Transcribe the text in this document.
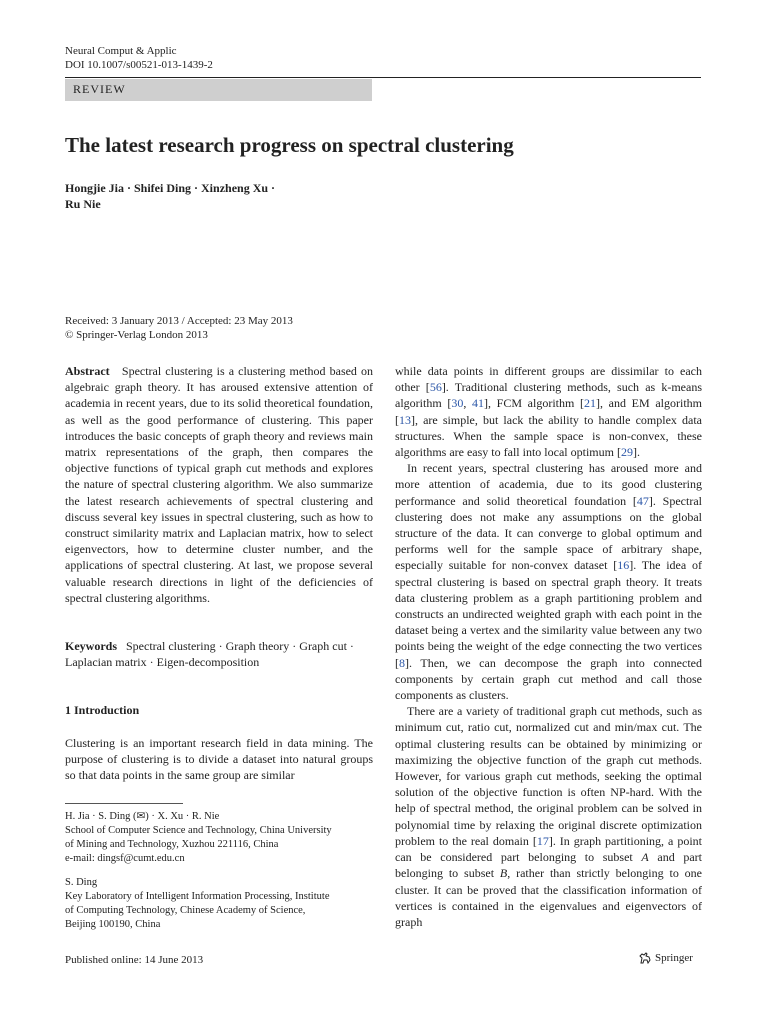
Neural Comput & Applic
DOI 10.1007/s00521-013-1439-2
REVIEW
The latest research progress on spectral clustering
Hongjie Jia · Shifei Ding · Xinzheng Xu ·
Ru Nie
Received: 3 January 2013 / Accepted: 23 May 2013
© Springer-Verlag London 2013

Abstract Spectral clustering is a clustering method based on algebraic graph theory. It has aroused extensive attention of academia in recent years, due to its solid theoretical foundation, as well as the good performance of clustering. This paper introduces the basic concepts of graph theory and reviews main matrix representations of the graph, then compares the objective functions of typical graph cut methods and explores the nature of spectral clustering algorithm. We also summarize the latest research achievements of spectral clustering and discuss several key issues in spectral clustering, such as how to construct similarity matrix and Laplacian matrix, how to select eigenvectors, how to determine cluster number, and the applications of spectral clustering. At last, we propose several valuable research directions in light of the deficiencies of spectral clustering algorithms.

Keywords Spectral clustering · Graph theory · Graph cut · Laplacian matrix · Eigen-decomposition

1 Introduction

Clustering is an important research field in data mining. The purpose of clustering is to divide a dataset into natural groups so that data points in the same group are similar

H. Jia · S. Ding (✉) · X. Xu · R. Nie
School of Computer Science and Technology, China University
of Mining and Technology, Xuzhou 221116, China
e-mail: dingsf@cumt.edu.cn
S. Ding
Key Laboratory of Intelligent Information Processing, Institute
of Computing Technology, Chinese Academy of Science,
Beijing 100190, China

while data points in different groups are dissimilar to each other [56]. Traditional clustering methods, such as k-means algorithm [30, 41], FCM algorithm [21], and EM algorithm [13], are simple, but lack the ability to handle complex data structures. When the sample space is non-convex, these algorithms are easy to fall into local optimum [29].

In recent years, spectral clustering has aroused more and more attention of academia, due to its good clustering performance and solid theoretical foundation [47]. Spectral clustering does not make any assumptions on the global structure of the data. It can converge to global optimum and performs well for the sample space of arbitrary shape, especially suitable for non-convex dataset [16]. The idea of spectral clustering is based on spectral graph theory. It treats data clustering problem as a graph partitioning problem and constructs an undirected weighted graph with each point in the dataset being a vertex and the similarity value between any two points being the weight of the edge connecting the two vertices [8]. Then, we can decompose the graph into connected components by certain graph cut method and call those components as clusters.

There are a variety of traditional graph cut methods, such as minimum cut, ratio cut, normalized cut and min/max cut. The optimal clustering results can be obtained by minimizing or maximizing the objective function of the graph cut methods. However, for various graph cut methods, seeking the optimal solution of the objective function is often NP-hard. With the help of spectral method, the original problem can be solved in polynomial time by relaxing the original discrete optimization problem to the real domain [17]. In graph partitioning, a point can be considered part belonging to subset A and part belonging to subset B, rather than strictly belonging to one cluster. It can be proved that the classification information of vertices is contained in the eigenvalues and eigenvectors of graph

Published online: 14 June 2013	Springer
